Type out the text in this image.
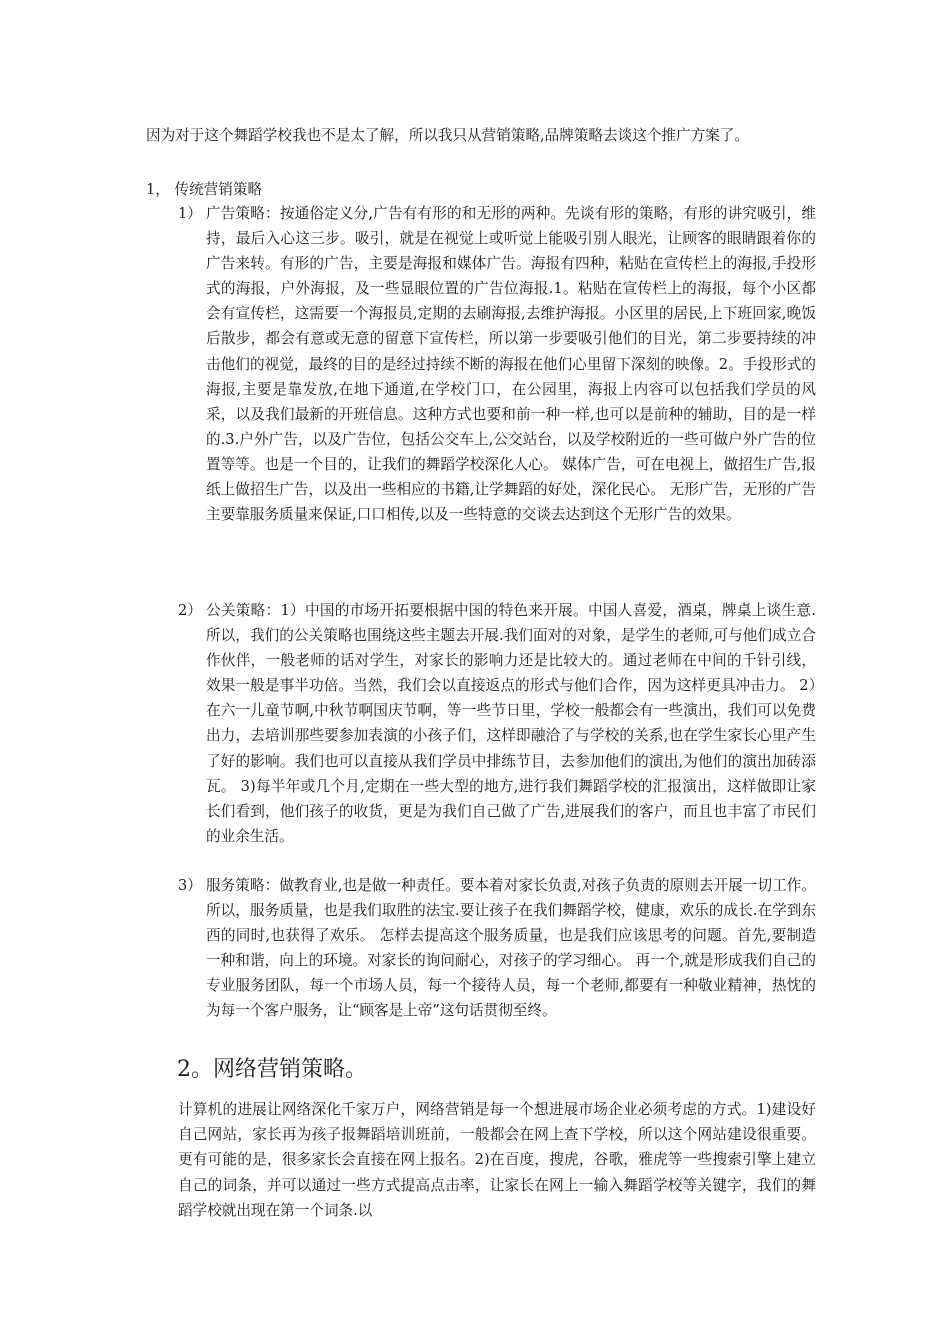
因为对于这个舞蹈学校我也不是太了解，所以我只从营销策略,品牌策略去谈这个推广方案了。

1， 传统营销策略

1） 广告策略：按通俗定义分,广告有有形的和无形的两种。先谈有形的策略，有形的讲究吸引，维持，最后入心这三步。吸引，就是在视觉上或听觉上能吸引别人眼光，让顾客的眼睛跟着你的广告来转。有形的广告，主要是海报和媒体广告。海报有四种，粘贴在宣传栏上的海报,手投形式的海报，户外海报，及一些显眼位置的广告位海报.1。粘贴在宣传栏上的海报，每个小区都会有宣传栏，这需要一个海报员,定期的去刷海报,去维护海报。小区里的居民,上下班回家,晚饭后散步，都会有意或无意的留意下宣传栏，所以第一步要吸引他们的目光，第二步要持续的冲击他们的视觉，最终的目的是经过持续不断的海报在他们心里留下深刻的映像。2。手投形式的海报,主要是靠发放,在地下通道,在学校门口，在公园里，海报上内容可以包括我们学员的风采，以及我们最新的开班信息。这种方式也要和前一种一样,也可以是前种的辅助，目的是一样的.3.户外广告，以及广告位，包括公交车上,公交站台，以及学校附近的一些可做户外广告的位置等等。也是一个目的，让我们的舞蹈学校深化人心。 媒体广告，可在电视上，做招生广告,报纸上做招生广告，以及出一些相应的书籍,让学舞蹈的好处，深化民心。 无形广告，无形的广告主要靠服务质量来保证,口口相传,以及一些特意的交谈去达到这个无形广告的效果。

2） 公关策略：1）中国的市场开拓要根据中国的特色来开展。中国人喜爱，酒桌，牌桌上谈生意.所以，我们的公关策略也围绕这些主题去开展.我们面对的对象，是学生的老师,可与他们成立合作伙伴，一般老师的话对学生，对家长的影响力还是比较大的。通过老师在中间的千针引线，效果一般是事半功倍。当然，我们会以直接返点的形式与他们合作，因为这样更具冲击力。 2）在六一儿童节啊,中秋节啊国庆节啊，等一些节日里，学校一般都会有一些演出，我们可以免费出力，去培训那些要参加表演的小孩子们，这样即融洽了与学校的关系,也在学生家长心里产生了好的影响。我们也可以直接从我们学员中排练节目，去参加他们的演出,为他们的演出加砖添瓦。 3)每半年或几个月,定期在一些大型的地方,进行我们舞蹈学校的汇报演出，这样做即让家长们看到，他们孩子的收货，更是为我们自己做了广告,进展我们的客户，而且也丰富了市民们的业余生活。

3） 服务策略：做教育业,也是做一种责任。要本着对家长负责,对孩子负责的原则去开展一切工作。所以，服务质量，也是我们取胜的法宝.要让孩子在我们舞蹈学校，健康，欢乐的成长.在学到东西的同时,也获得了欢乐。 怎样去提高这个服务质量，也是我们应该思考的问题。首先,要制造一种和谐，向上的环境。对家长的询问耐心，对孩子的学习细心。 再一个,就是形成我们自己的专业服务团队，每一个市场人员，每一个接待人员，每一个老师,都要有一种敬业精神，热忱的为每一个客户服务，让“顾客是上帝”这句话贯彻至终。

2。网络营销策略。

计算机的进展让网络深化千家万户，网络营销是每一个想进展市场企业必须考虑的方式。1)建设好自己网站，家长再为孩子报舞蹈培训班前，一般都会在网上查下学校，所以这个网站建设很重要。更有可能的是，很多家长会直接在网上报名。2)在百度，搜虎，谷歌，雅虎等一些搜索引擎上建立自己的词条，并可以通过一些方式提高点击率，让家长在网上一输入舞蹈学校等关键字，我们的舞蹈学校就出现在第一个词条.以
